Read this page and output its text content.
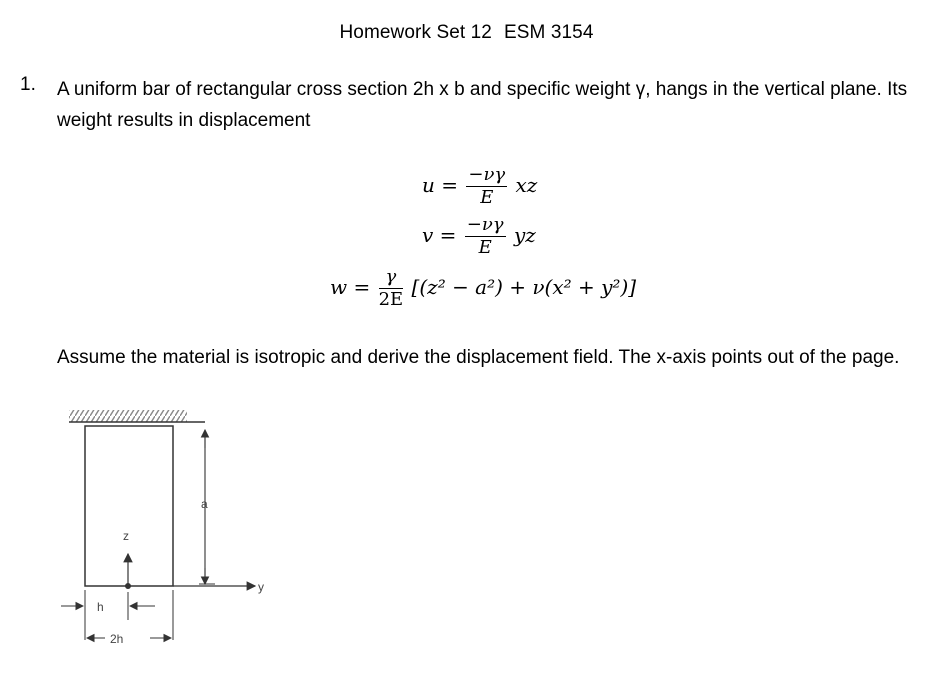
Homework Set 12 ESM 3154
1. A uniform bar of rectangular cross section 2h x b and specific weight γ, hangs in the vertical plane. Its weight results in displacement
$u = \frac{-\nu\gamma}{E}$ xz
$v = \frac{-\nu\gamma}{E}$ yz
$w = \frac{\gamma}{2E} [(z^2 - a^2) + \nu(x^2 + y^2)]$
Assume the material is isotropic and derive the displacement field. The x-axis points out of the page.
z
y
a
h
2h
